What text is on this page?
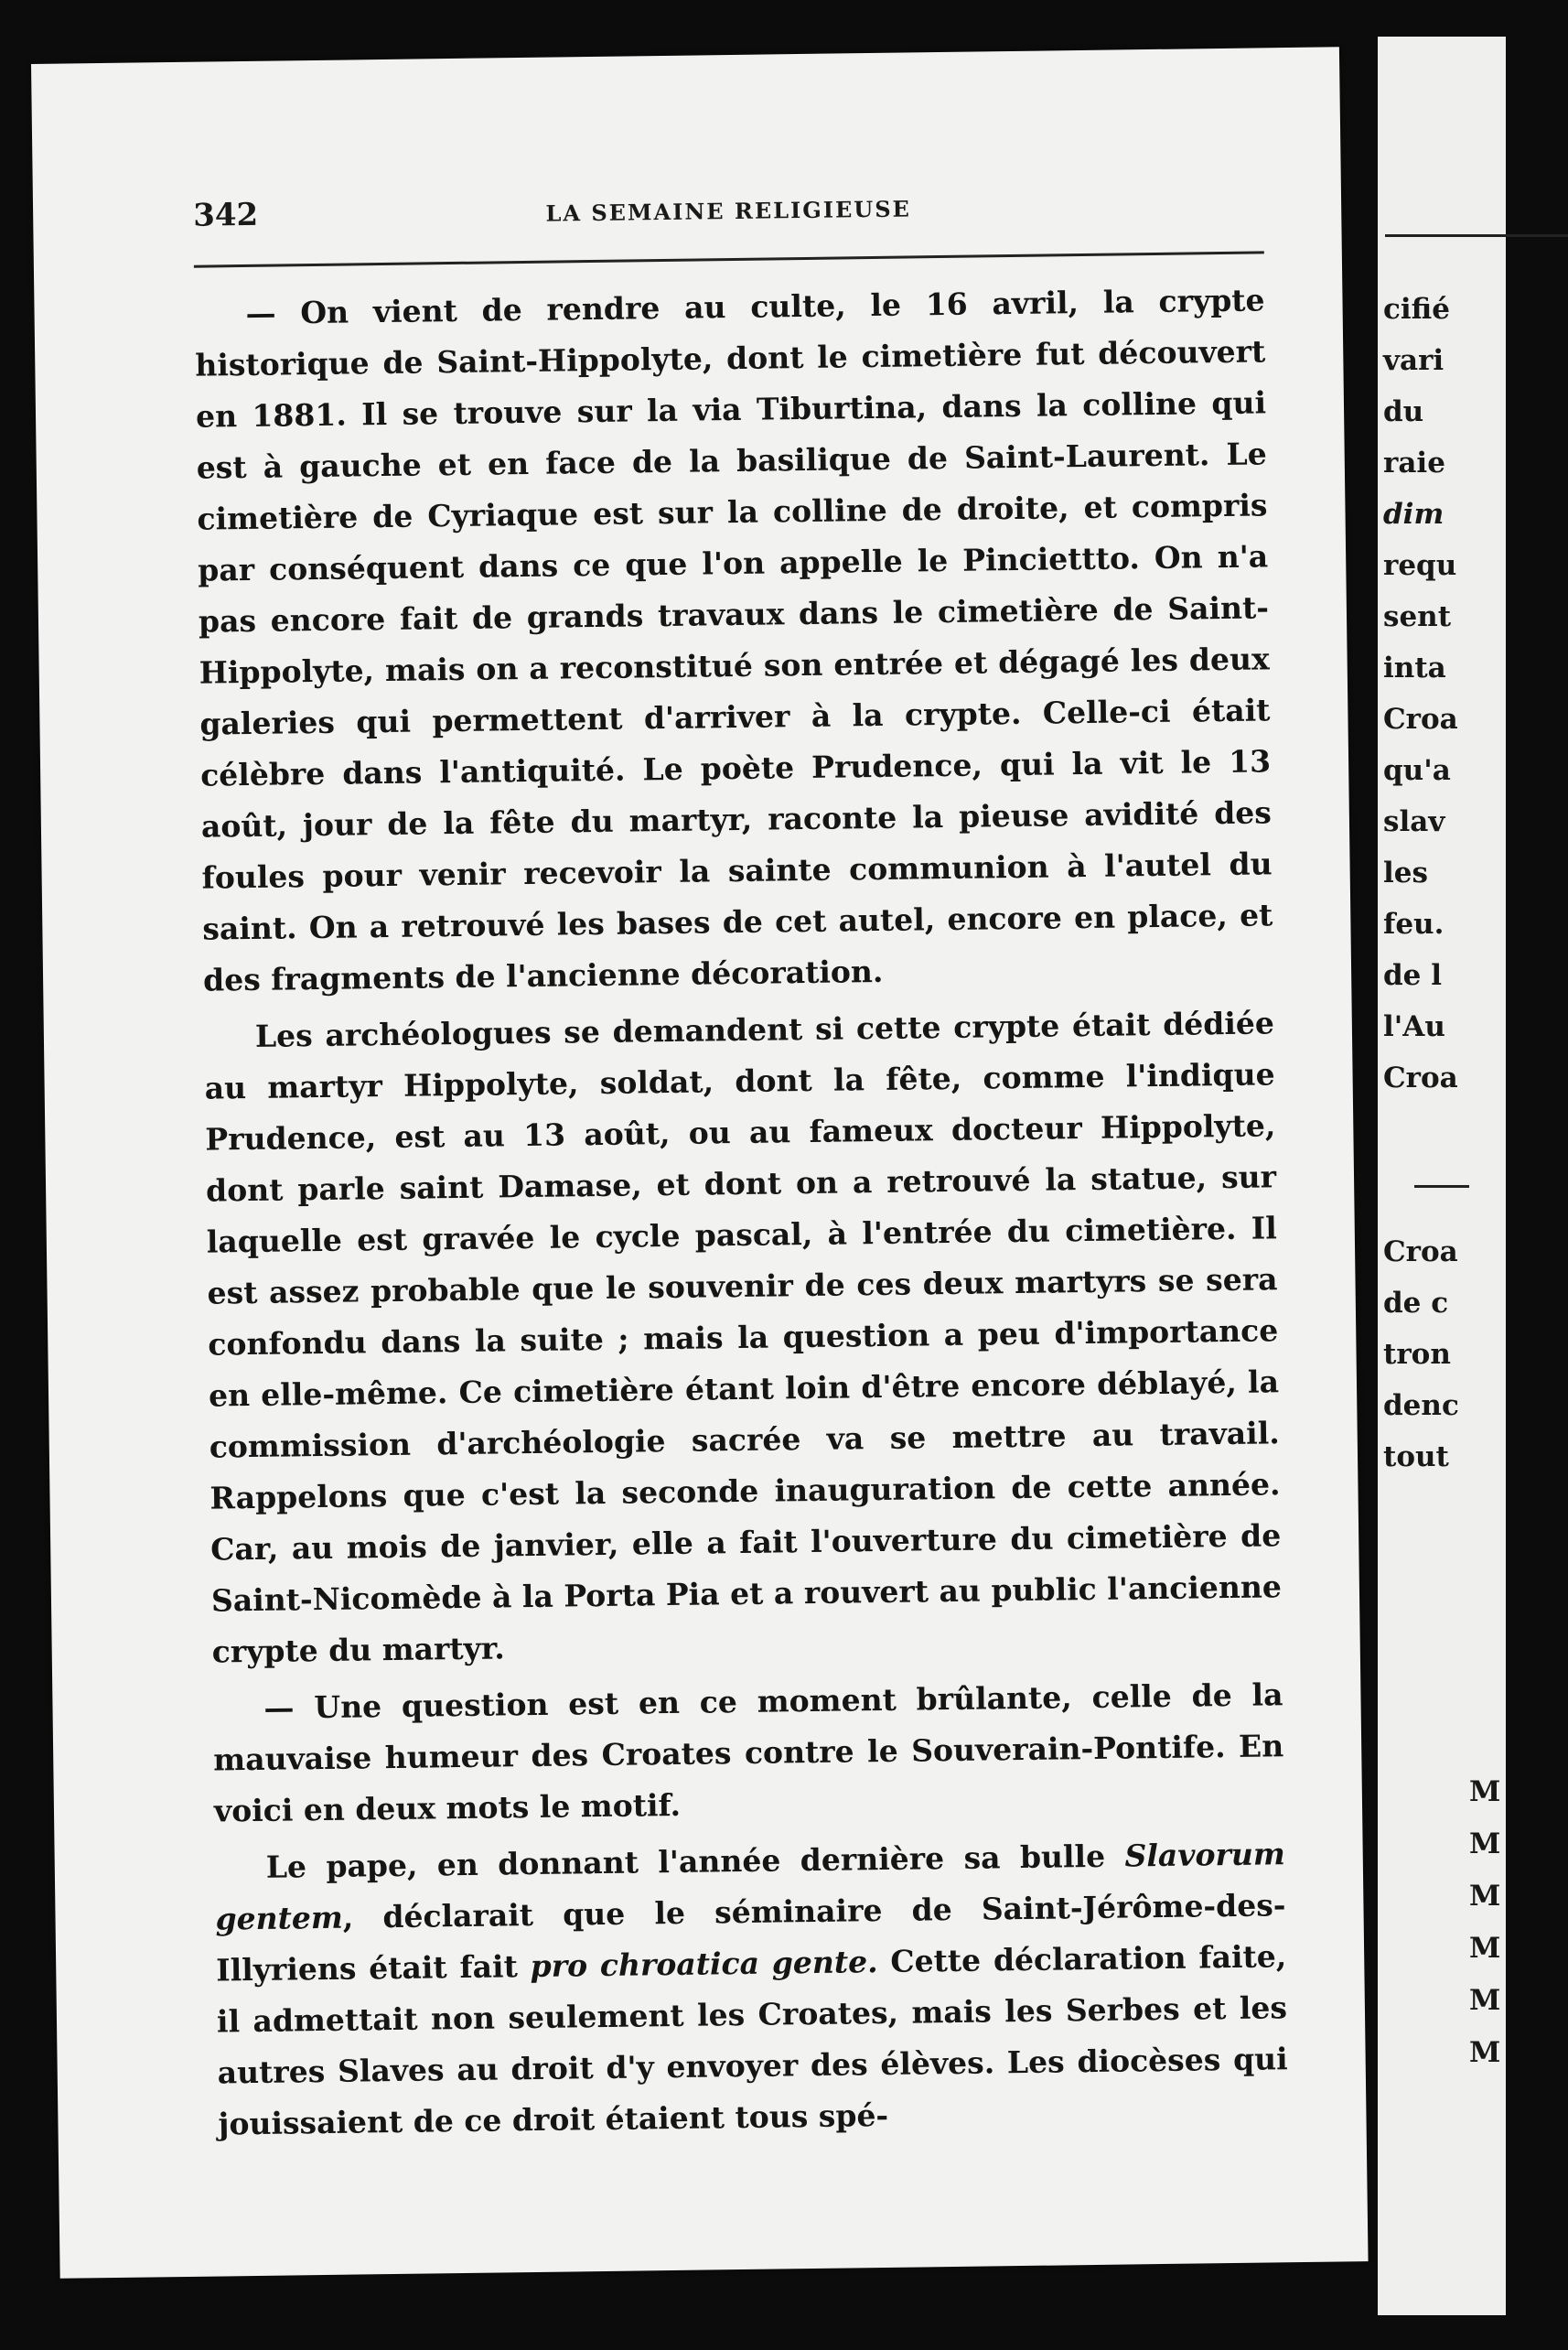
342	LA SEMAINE RELIGIEUSE

— On vient de rendre au culte, le 16 avril, la crypte historique de Saint-Hippolyte, dont le cimetière fut découvert en 1881. Il se trouve sur la via Tiburtina, dans la colline qui est à gauche et en face de la basilique de Saint-Laurent. Le cimetière de Cyriaque est sur la colline de droite, et compris par conséquent dans ce que l'on appelle le Pinciettto. On n'a pas encore fait de grands travaux dans le cimetière de Saint-Hippolyte, mais on a reconstitué son entrée et dégagé les deux galeries qui permettent d'arriver à la crypte. Celle-ci était célèbre dans l'antiquité. Le poète Prudence, qui la vit le 13 août, jour de la fête du martyr, raconte la pieuse avidité des foules pour venir recevoir la sainte communion à l'autel du saint. On a retrouvé les bases de cet autel, encore en place, et des fragments de l'ancienne décoration.

Les archéologues se demandent si cette crypte était dédiée au martyr Hippolyte, soldat, dont la fête, comme l'indique Prudence, est au 13 août, ou au fameux docteur Hippolyte, dont parle saint Damase, et dont on a retrouvé la statue, sur laquelle est gravée le cycle pascal, à l'entrée du cimetière. Il est assez probable que le souvenir de ces deux martyrs se sera confondu dans la suite ; mais la question a peu d'importance en elle-même. Ce cimetière étant loin d'être encore déblayé, la commission d'archéologie sacrée va se mettre au travail. Rappelons que c'est la seconde inauguration de cette année. Car, au mois de janvier, elle a fait l'ouverture du cimetière de Saint-Nicomède à la Porta Pia et a rouvert au public l'ancienne crypte du martyr.

— Une question est en ce moment brûlante, celle de la mauvaise humeur des Croates contre le Souverain-Pontife. En voici en deux mots le motif.

Le pape, en donnant l'année dernière sa bulle Slavorum gentem, déclarait que le séminaire de Saint-Jérôme-des-Illyriens était fait pro chroatica gente. Cette déclaration faite, il admettait non seulement les Croates, mais les Serbes et les autres Slaves au droit d'y envoyer des élèves. Les diocèses qui jouissaient de ce droit étaient tous spé-

cifié
vari
du
raie
dim
requ
sent
inta
Croa
qu'a
slav
les
feu.
de l
l'Au
Croa
Croa
de c
tron
denc
tout
M
M
M
M
M
M
